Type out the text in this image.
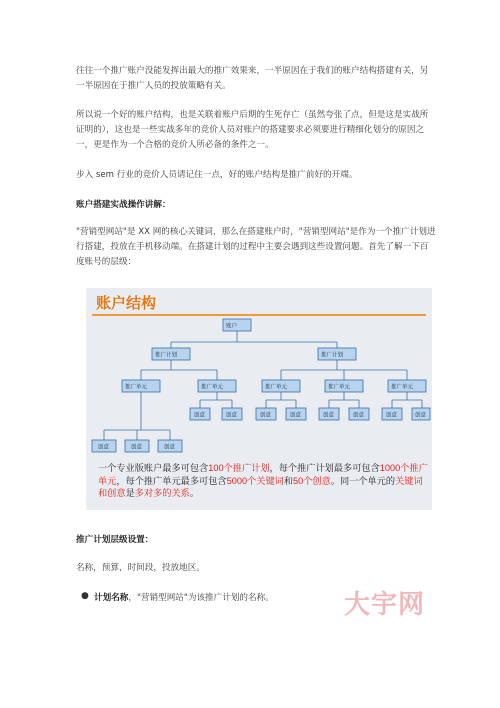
往往一个推广账户没能发挥出最大的推广效果来，一半原因在于我们的账户结构搭建有关，另一半原因在于推广人员的投放策略有关。

所以说一个好的账户结构，也是关联着账户后期的生死存亡（虽然夸张了点，但是这是实战所证明的），这也是一些实战多年的竞价人员对账户的搭建要求必须要进行精细化划分的原因之一，更是作为一个合格的竞价人所必备的条件之一。

步入 sem 行业的竞价人员请记住一点，好的账户结构是推广前好的开端。

账户搭建实战操作讲解：

"营销型网站"是 XX 网的核心关键词，那么在搭建账户时，"营销型网站"是作为一个推广计划进行搭建，投放在手机移动端。在搭建计划的过程中主要会遇到这些设置问题。首先了解一下百度账号的层级：

账户结构
账户
推广计划	推广计划
推广单元	推广单元	推广单元	推广单元	推广单元
创意	创意	创意	创意	创意	创意	创意	创意
创意	创意	创意
一个专业版账户最多可包含100个推广计划，每个推广计划最多可包含1000个推广单元，每个推广单元最多可包含5000个关键词和50个创意。同一个单元的关键词和创意是多对多的关系。

推广计划层级设置：

名称，预算，时间段，投放地区。

● 计划名称，"营销型网站"为该推广计划的名称。	大宇网
